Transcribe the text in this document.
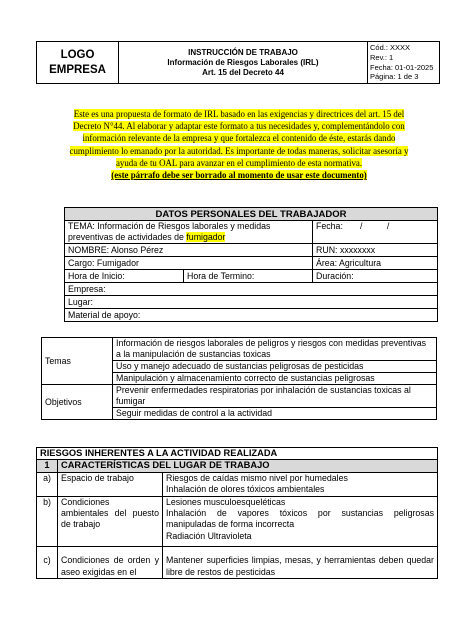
LOGO EMPRESA	
INSTRUCCIÓN DE TRABAJO
Información de Riesgos Laborales (IRL)
Art. 15 del Decreto 44

Cód.: XXXX
Rev.: 1
Fecha: 01-01-2025
Página: 1 de 3
Este es una propuesta de formato de IRL basado en las exigencias y directrices del art. 15 del Decreto N°44. Al elaborar y adaptar este formato a tus necesidades y, complementándolo con información relevante de la empresa y que fortalezca el contenido de éste, estarás dando cumplimiento lo emanado por la autoridad. Es importante de todas maneras, solicitar asesoría y ayuda de tu OAL para avanzar en el cumplimiento de esta normativa.
(este párrafo debe ser borrado al momento de usar este documento)
DATOS PERSONALES DEL TRABAJADOR		
TEMA: Información de Riesgos laborales y medidas preventivas de actividades de fumigador		Fecha: /          /
NOMBRE: Alonso Pérez		RUN: xxxxxxxx
Cargo: Fumigador		Área: Agricultura
Hora de Inicio:	Hora de Termino:	Duración:
Empresa:		
Lugar:		
Material de apoyo:		
Temas	Información de riesgos laborales de peligros y riesgos con medidas preventivas a la manipulación de sustancias toxicas
	Uso y manejo adecuado de sustancias peligrosas de pesticidas
	Manipulación y almacenamiento correcto de sustancias peligrosas
Objetivos	Prevenir enfermedades respiratorias por inhalación de sustancias toxicas al fumigar
	Seguir medidas de control a la actividad
RIESGOS INHERENTES A LA ACTIVIDAD REALIZADA		
1	CARACTERÍSTICAS DEL LUGAR DE TRABAJO	
a)	Espacio de trabajo	Riesgos de caídas mismo nivel por humedales
Inhalación de olores tóxicos ambientales

b)	Condiciones ambientales del puesto de trabajo	Lesiones musculoesqueléticas
Inhalación de vapores tóxicos por sustancias peligrosas manipuladas de forma incorrecta
Radiación Ultravioleta

c)	Condiciones de orden y aseo exigidas en el	Mantener superficies limpias, mesas, y herramientas deben quedar libre de restos de pesticidas
